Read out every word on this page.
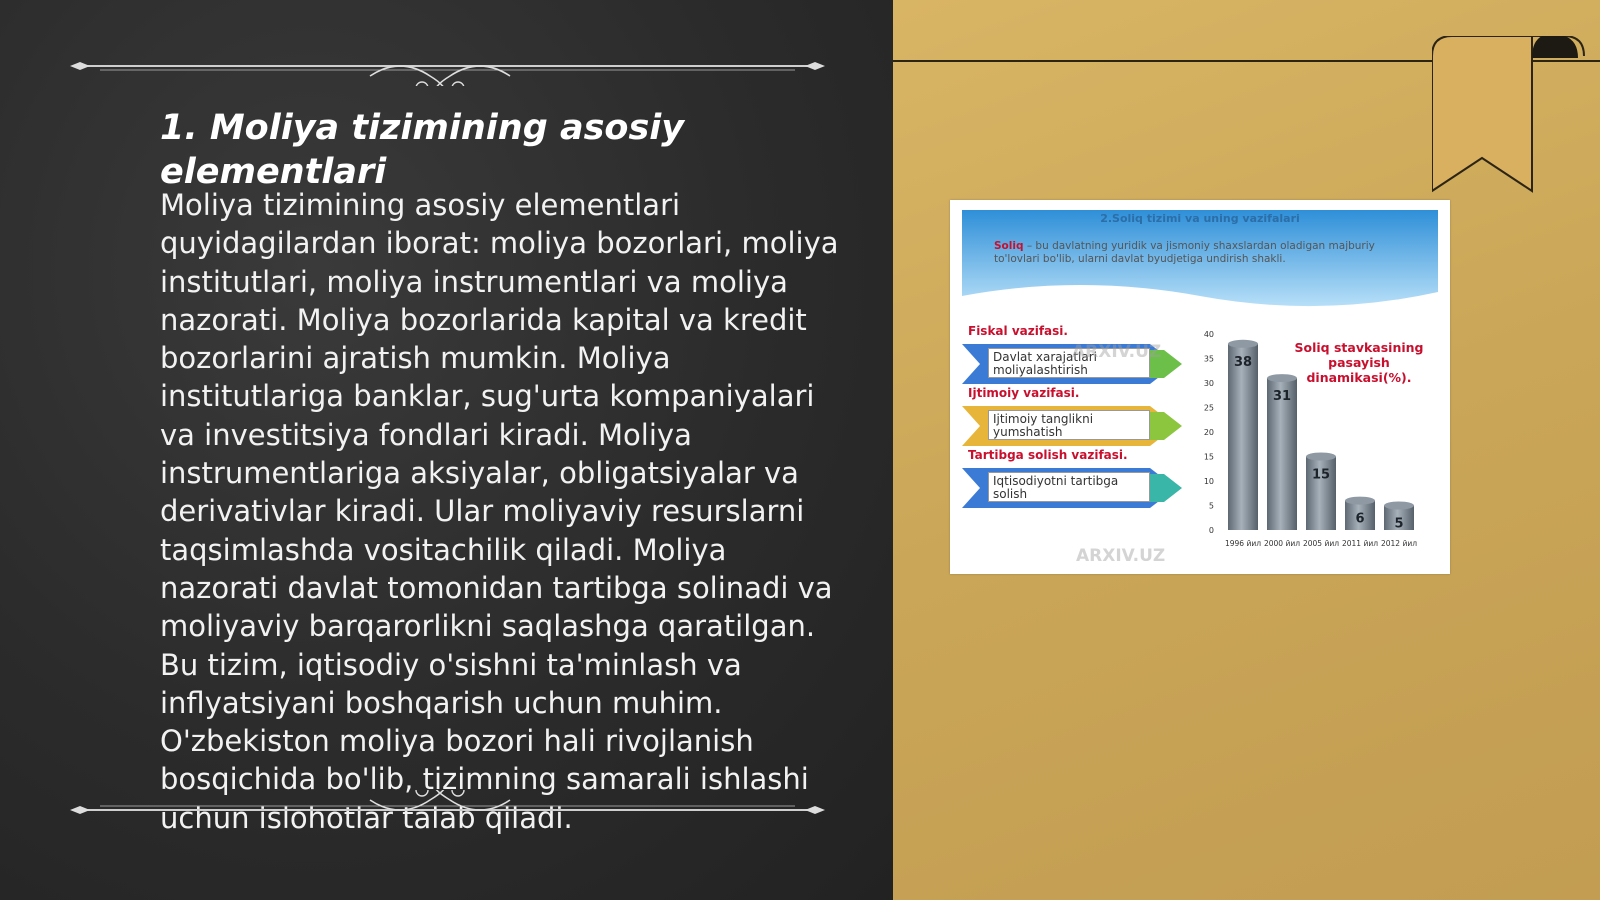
1. Moliya tizimining asosiy elementlari

Moliya tizimining asosiy elementlari quyidagilardan iborat: moliya bozorlari, moliya institutlari, moliya instrumentlari va moliya nazorati. Moliya bozorlarida kapital va kredit bozorlarini ajratish mumkin. Moliya institutlariga banklar, sug'urta kompaniyalari va investitsiya fondlari kiradi. Moliya instrumentlariga aksiyalar, obligatsiyalar va derivativlar kiradi. Ular moliyaviy resurslarni taqsimlashda vositachilik qiladi. Moliya nazorati davlat tomonidan tartibga solinadi va moliyaviy barqarorlikni saqlashga qaratilgan. Bu tizim, iqtisodiy o'sishni ta'minlash va inflyatsiyani boshqarish uchun muhim. O'zbekiston moliya bozori hali rivojlanish bosqichida bo'lib, tizimning samarali ishlashi uchun islohotlar talab qiladi.

0
5
10
15
20
25
30
35
40
38
31
15
6 5
1996 йил 2000 йил 2005 йил 2011 йил 2012 йил
2.Soliq tizimi va uning vazifalari
Soliq – bu davlatning yuridik va jismoniy shaxslardan oladigan majburiy to'lovlari bo'lib, ularni davlat byudjetiga undirish shakli.
Fiskal vazifasi.
Davlat xarajatlari moliyalashtirish
Ijtimoiy vazifasi.
Ijtimoiy tanglikni yumshatish
Tartibga solish vazifasi.
Iqtisodiyotni tartibga solish
Soliq stavkasining pasayish dinamikasi(%).
ARXIV.UZ
ARXIV.UZ
